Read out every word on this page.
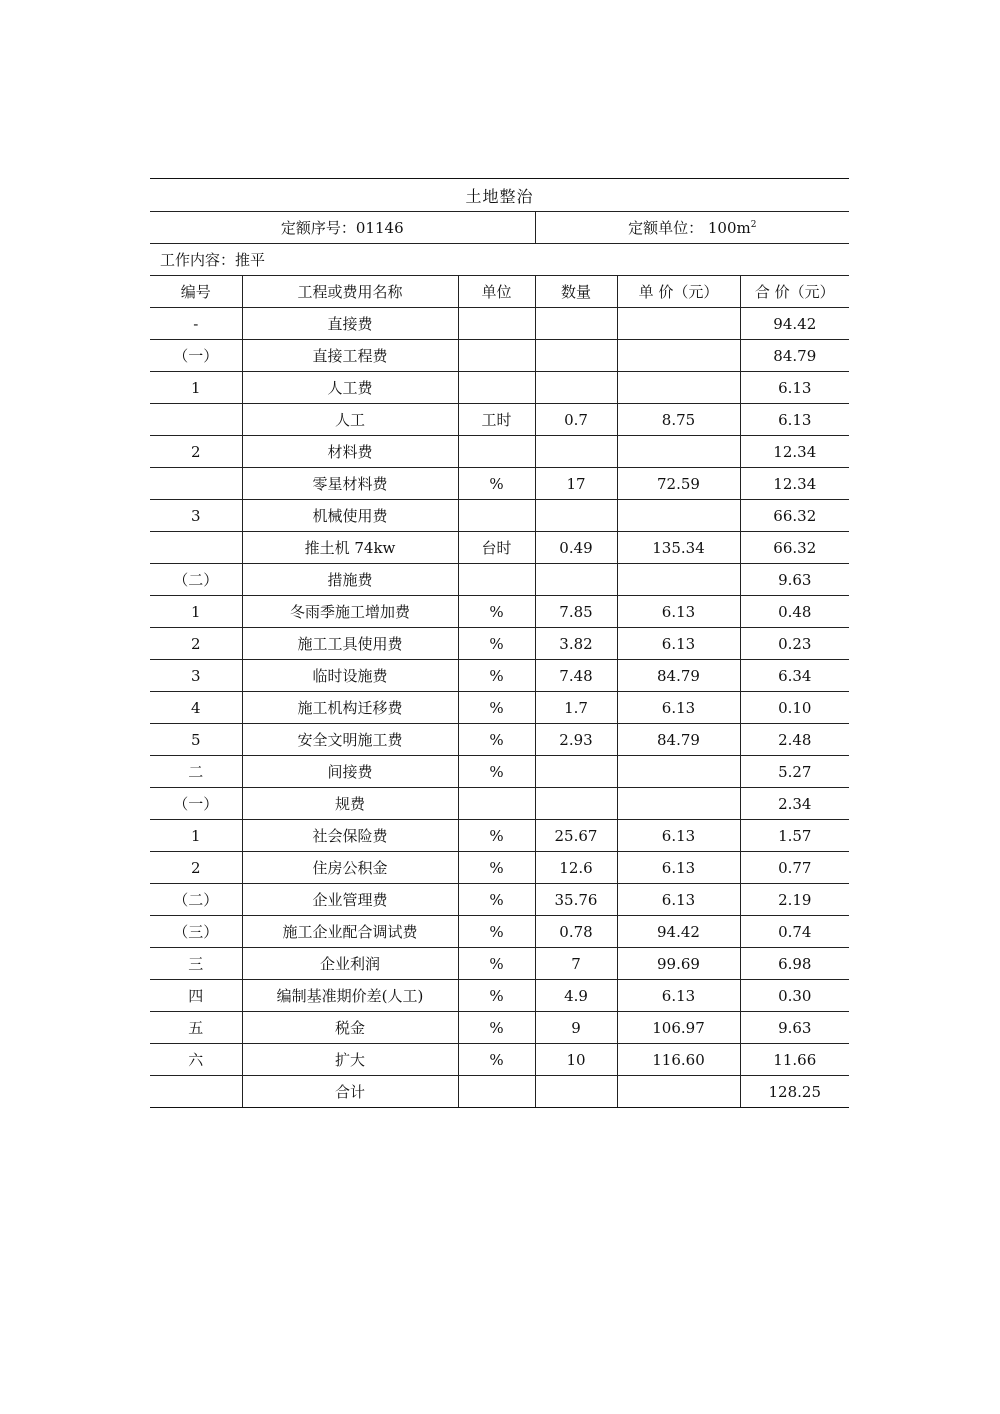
土地整治					
定额序号：01146			定额单位： $100m^2$
工作内容：推平					
编号	工程或费用名称	单位	数量	单 价（元）	合 价（元）
-	直接费				94.42
（一）	直接工程费				84.79
1	人工费				6.13
	人工	工时	0.7	8.75	6.13
2	材料费				12.34
	零星材料费	%	17	72.59	12.34
3	机械使用费				66.32
	推土机 74kw	台时	0.49	135.34	66.32
（二）	措施费				9.63
1	冬雨季施工增加费	%	7.85	6.13	0.48
2	施工工具使用费	%	3.82	6.13	0.23
3	临时设施费	%	7.48	84.79	6.34
4	施工机构迁移费	%	1.7	6.13	0.10
5	安全文明施工费	%	2.93	84.79	2.48
二	间接费	%			5.27
（一）	规费				2.34
1	社会保险费	%	25.67	6.13	1.57
2	住房公积金	%	12.6	6.13	0.77
（二）	企业管理费	%	35.76	6.13	2.19
（三）	施工企业配合调试费	%	0.78	94.42	0.74
三	企业利润	%	7	99.69	6.98
四	编制基准期价差(人工)	%	4.9	6.13	0.30
五	税金	%	9	106.97	9.63
六	扩大	%	10	116.60	11.66
	合计				128.25
